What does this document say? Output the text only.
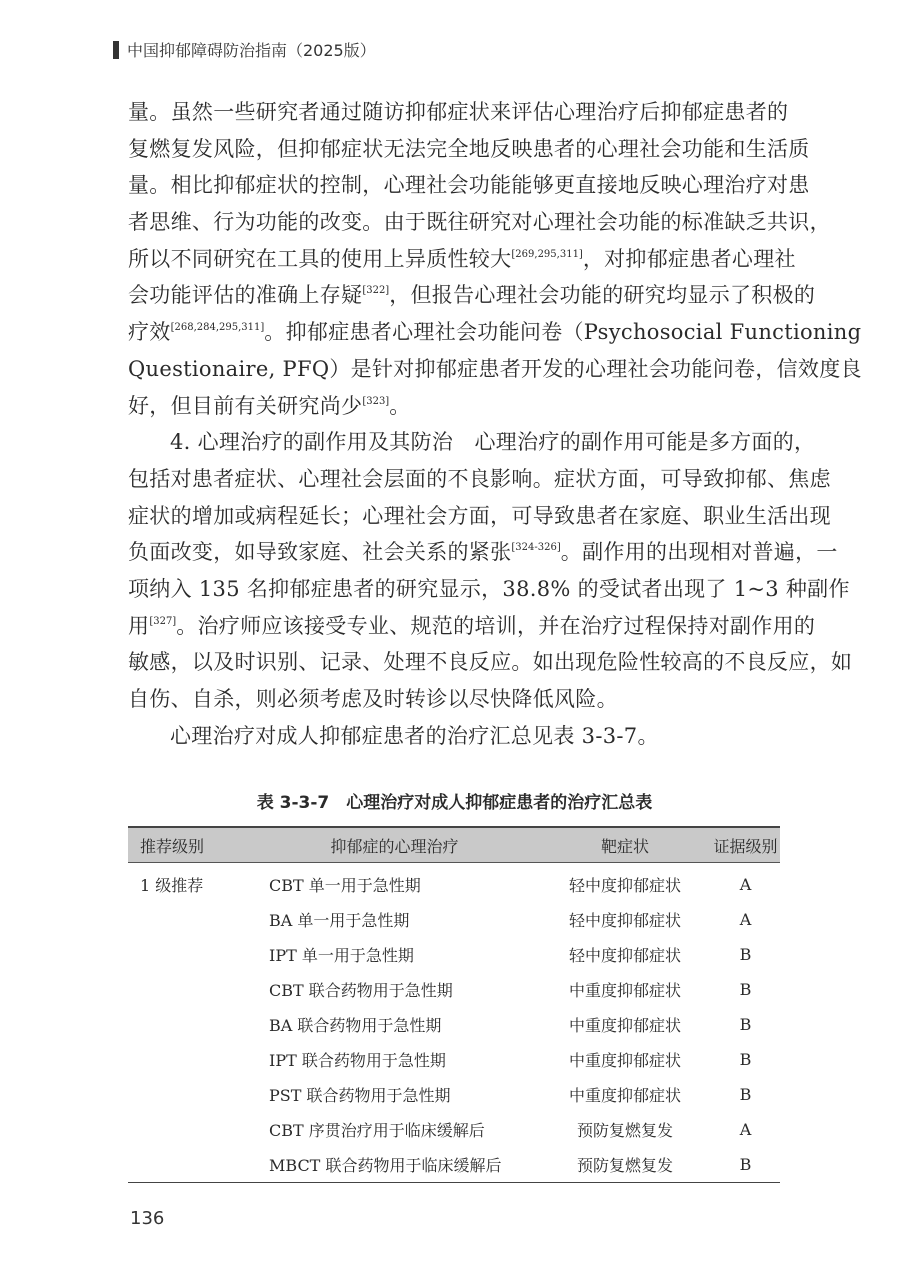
中国抑郁障碍防治指南（2025版）
量。虽然一些研究者通过随访抑郁症状来评估心理治疗后抑郁症患者的
复燃复发风险，但抑郁症状无法完全地反映患者的心理社会功能和生活质
量。相比抑郁症状的控制，心理社会功能能够更直接地反映心理治疗对患
者思维、行为功能的改变。由于既往研究对心理社会功能的标准缺乏共识，
所以不同研究在工具的使用上异质性较大[269,295,311]，对抑郁症患者心理社
会功能评估的准确上存疑[322]，但报告心理社会功能的研究均显示了积极的
疗效[268,284,295,311]。抑郁症患者心理社会功能问卷（Psychosocial Functioning
Questionaire, PFQ）是针对抑郁症患者开发的心理社会功能问卷，信效度良
好，但目前有关研究尚少[323]。
4. 心理治疗的副作用及其防治　心理治疗的副作用可能是多方面的，
包括对患者症状、心理社会层面的不良影响。症状方面，可导致抑郁、焦虑
症状的增加或病程延长；心理社会方面，可导致患者在家庭、职业生活出现
负面改变，如导致家庭、社会关系的紧张[324-326]。副作用的出现相对普遍，一
项纳入 135 名抑郁症患者的研究显示，38.8% 的受试者出现了 1~3 种副作
用[327]。治疗师应该接受专业、规范的培训，并在治疗过程保持对副作用的
敏感，以及时识别、记录、处理不良反应。如出现危险性较高的不良反应，如
自伤、自杀，则必须考虑及时转诊以尽快降低风险。
心理治疗对成人抑郁症患者的治疗汇总见表 3-3-7。
表 3-3-7　心理治疗对成人抑郁症患者的治疗汇总表
推荐级别	抑郁症的心理治疗	靶症状	证据级别
1 级推荐	CBT 单一用于急性期	轻中度抑郁症状	A
	BA 单一用于急性期	轻中度抑郁症状	A
	IPT 单一用于急性期	轻中度抑郁症状	B
	CBT 联合药物用于急性期	中重度抑郁症状	B
	BA 联合药物用于急性期	中重度抑郁症状	B
	IPT 联合药物用于急性期	中重度抑郁症状	B
	PST 联合药物用于急性期	中重度抑郁症状	B
	CBT 序贯治疗用于临床缓解后	预防复燃复发	A
	MBCT 联合药物用于临床缓解后	预防复燃复发	B
136
